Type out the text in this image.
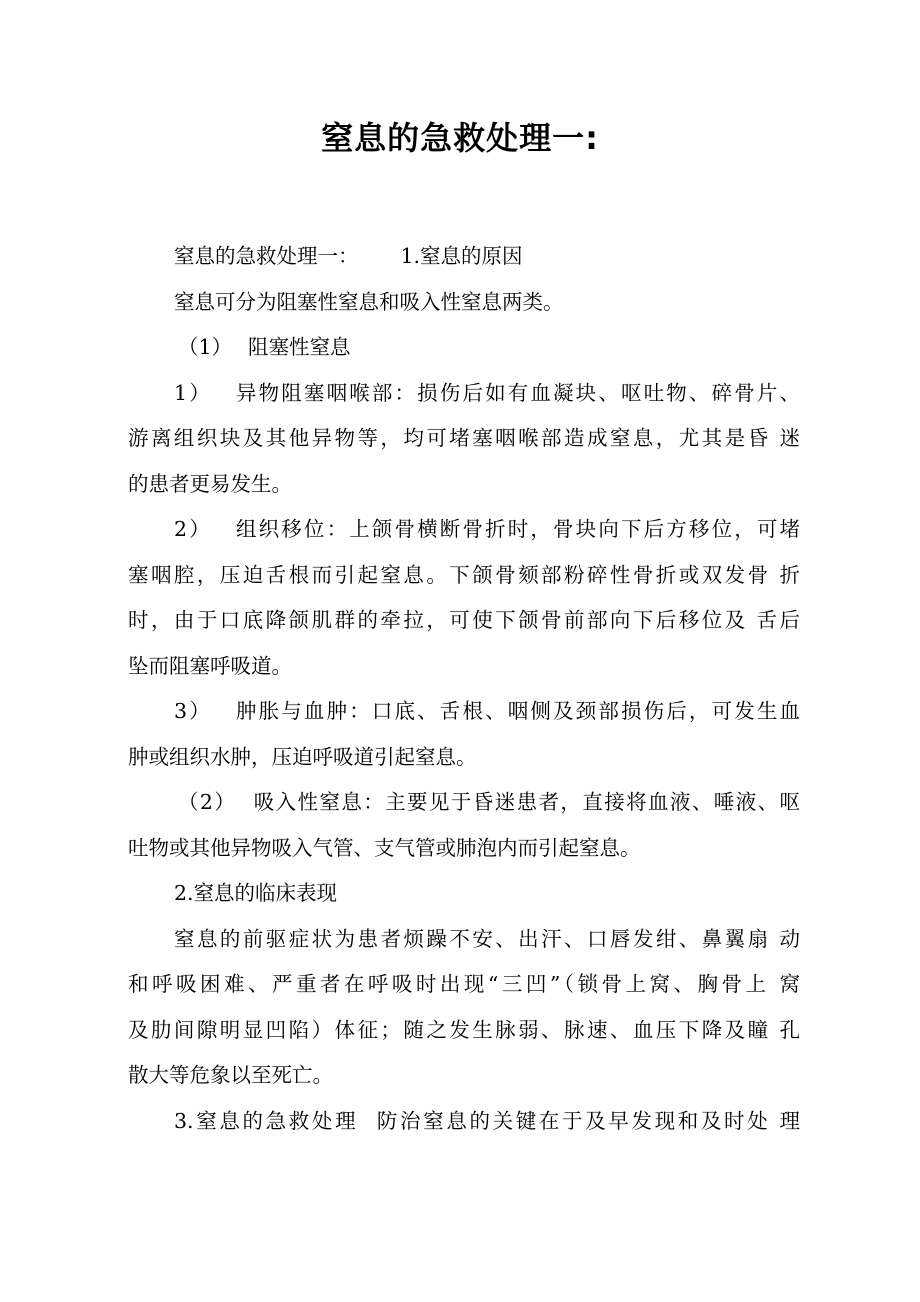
窒息的急救处理一:
窒息的急救处理一： 1.窒息的原因
窒息可分为阻塞性窒息和吸入性窒息两类。
（1） 阻塞性窒息
1） 异物阻塞咽喉部：损伤后如有血凝块、呕吐物、碎骨片、
游离组织块及其他异物等，均可堵塞咽喉部造成窒息，尤其是昏 迷
的患者更易发生。
2） 组织移位：上颌骨横断骨折时，骨块向下后方移位，可堵
塞咽腔，压迫舌根而引起窒息。下颌骨颏部粉碎性骨折或双发骨 折
时，由于口底降颌肌群的牵拉，可使下颌骨前部向下后移位及 舌后
坠而阻塞呼吸道。
3） 肿胀与血肿：口底、舌根、咽侧及颈部损伤后，可发生血
肿或组织水肿，压迫呼吸道引起窒息。
（2） 吸入性窒息：主要见于昏迷患者，直接将血液、唾液、呕
吐物或其他异物吸入气管、支气管或肺泡内而引起窒息。
2.窒息的临床表现
窒息的前驱症状为患者烦躁不安、出汗、口唇发绀、鼻翼扇 动
和呼吸困难、严重者在呼吸时出现“三凹”（锁骨上窝、胸骨上 窝
及肋间隙明显凹陷）体征；随之发生脉弱、脉速、血压下降及瞳 孔
散大等危象以至死亡。
3.窒息的急救处理 防治窒息的关键在于及早发现和及时处 理
